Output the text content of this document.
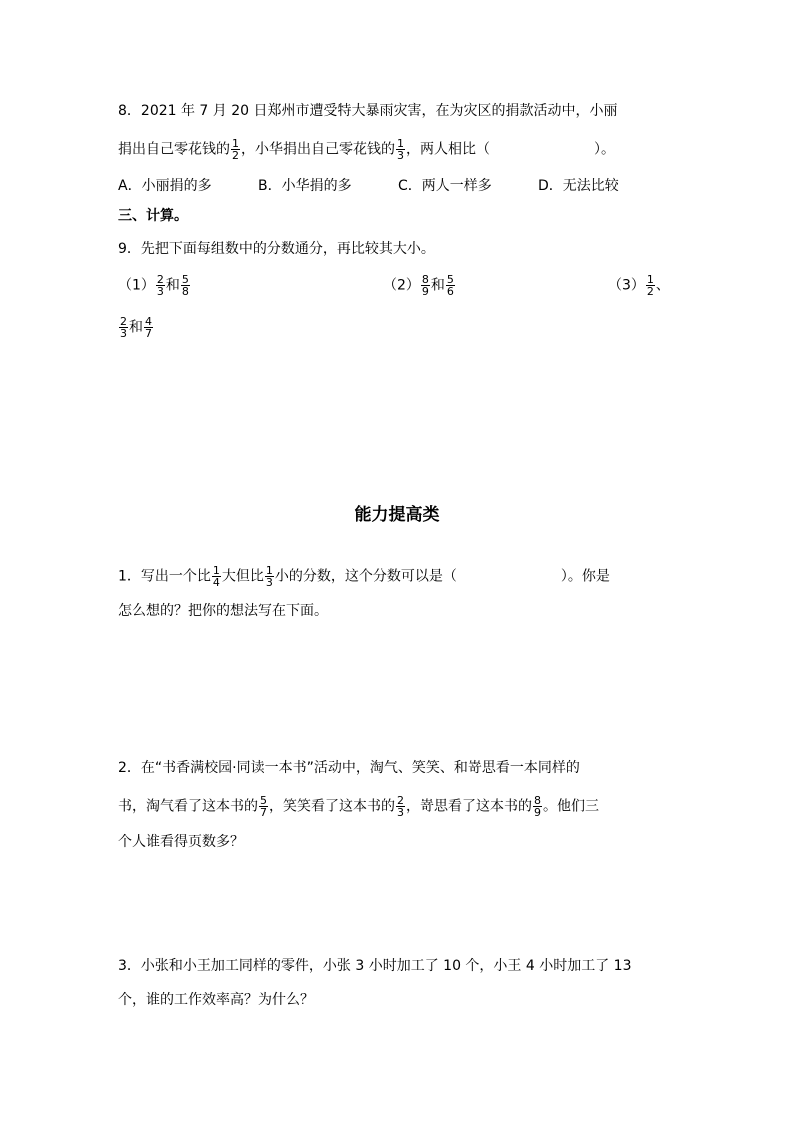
8．2021 年 7 月 20 日郑州市遭受特大暴雨灾害，在为灾区的捐款活动中，小丽
捐出自己零花钱的 $\frac{1}{2}$ ，小华捐出自己零花钱的 $\frac{1}{3}$ ，两人相比（	）。
A．小丽捐的多	B．小华捐的多	C．两人一样多	D．无法比较
三、计算。
9．先把下面每组数中的分数通分，再比较其大小。
$(1) \frac{2}{3}$ 和 $\frac{5}{8}$	$(2) \frac{8}{9}$ 和 $\frac{5}{6}$	$(3) \frac{1}{2}$ 、
$\frac{2}{3}$ 和 $\frac{4}{7}$
能力提高类
1．写出一个比 $\frac{1}{4}$ 大但比 $\frac{1}{3}$ 小的分数，这个分数可以是（	）。你是
怎么想的？把你的想法写在下面。
2．在“书香满校园·同读一本书”活动中，淘气、笑笑、和嵜思看一本同样的
书，淘气看了这本书的 $\frac{5}{7}$ ，笑笑看了这本书的 $\frac{2}{3}$ ，嵜思看了这本书的 $\frac{8}{9}$ 。他们三
个人谁看得页数多？
3．小张和小王加工同样的零件，小张 3 小时加工了 10 个，小王 4 小时加工了 13
个，谁的工作效率高？为什么？
